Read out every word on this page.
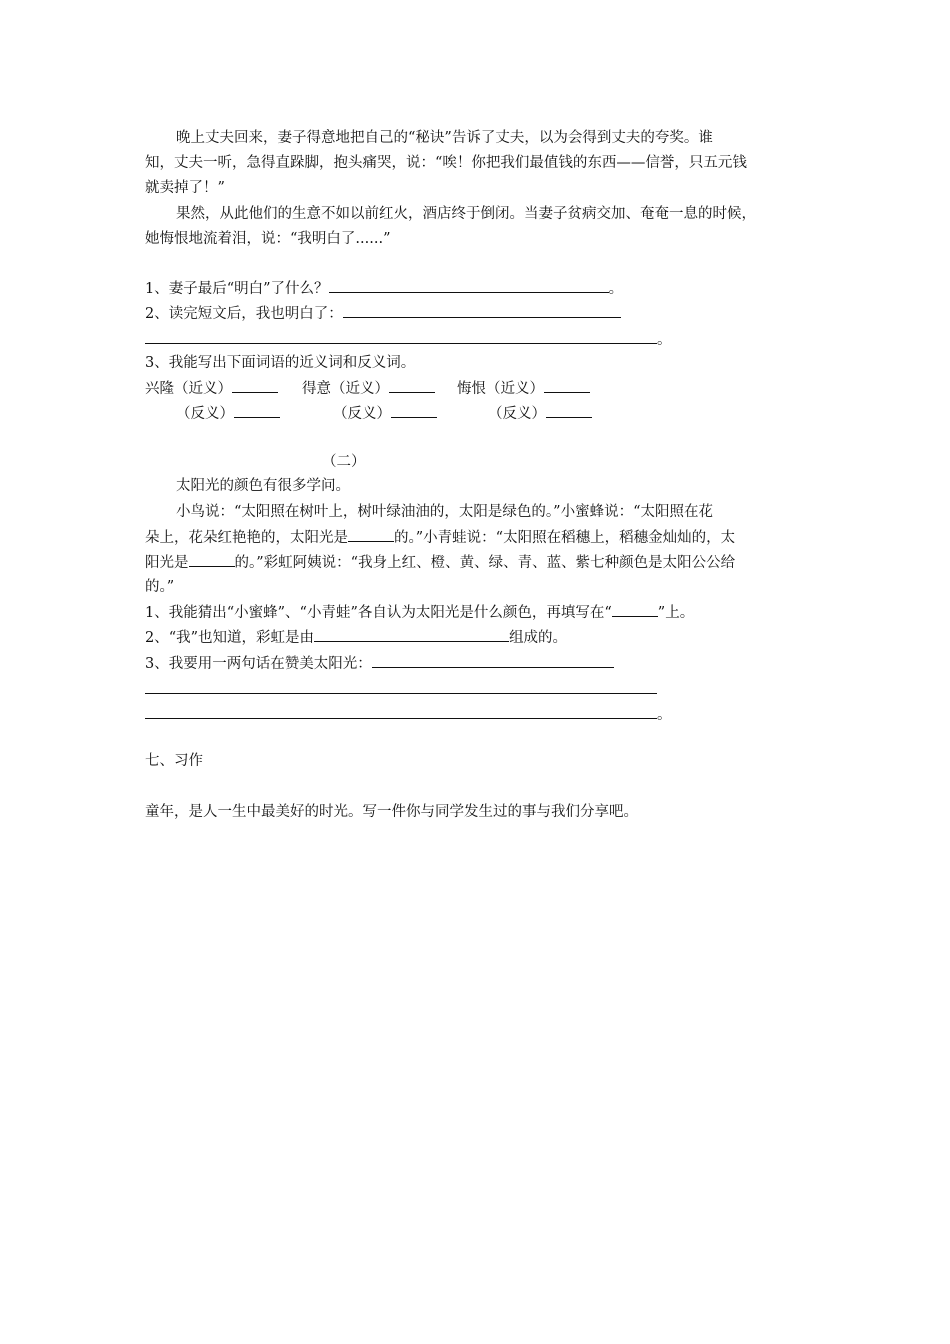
晚上丈夫回来，妻子得意地把自己的“秘诀”告诉了丈夫，以为会得到丈夫的夸奖。谁
知，丈夫一听，急得直跺脚，抱头痛哭，说：“唉！你把我们最值钱的东西——信誉，只五元钱
就卖掉了！”
果然，从此他们的生意不如以前红火，酒店终于倒闭。当妻子贫病交加、奄奄一息的时候，
她悔恨地流着泪，说：“我明白了......”
1、妻子最后“明白”了什么？	。
2、读完短文后，我也明白了：
。
3、我能写出下面词语的近义词和反义词。
兴隆（近义）	得意（近义）	悔恨（近义）
（反义）	（反义）	（反义）
（二）
太阳光的颜色有很多学问。
小鸟说：“太阳照在树叶上，树叶绿油油的，太阳是绿色的。”小蜜蜂说：“太阳照在花
朵上，花朵红艳艳的，太阳光是	的。”小青蛙说：“太阳照在稻穗上，稻穗金灿灿的，太
阳光是	的。”彩虹阿姨说：“我身上红、橙、黄、绿、青、蓝、紫七种颜色是太阳公公给
的。”
1、我能猜出“小蜜蜂”、“小青蛙”各自认为太阳光是什么颜色，再填写在“	”上。
2、“我”也知道，彩虹是由	组成的。
3、我要用一两句话在赞美太阳光：
。
七、习作
童年，是人一生中最美好的时光。写一件你与同学发生过的事与我们分享吧。
